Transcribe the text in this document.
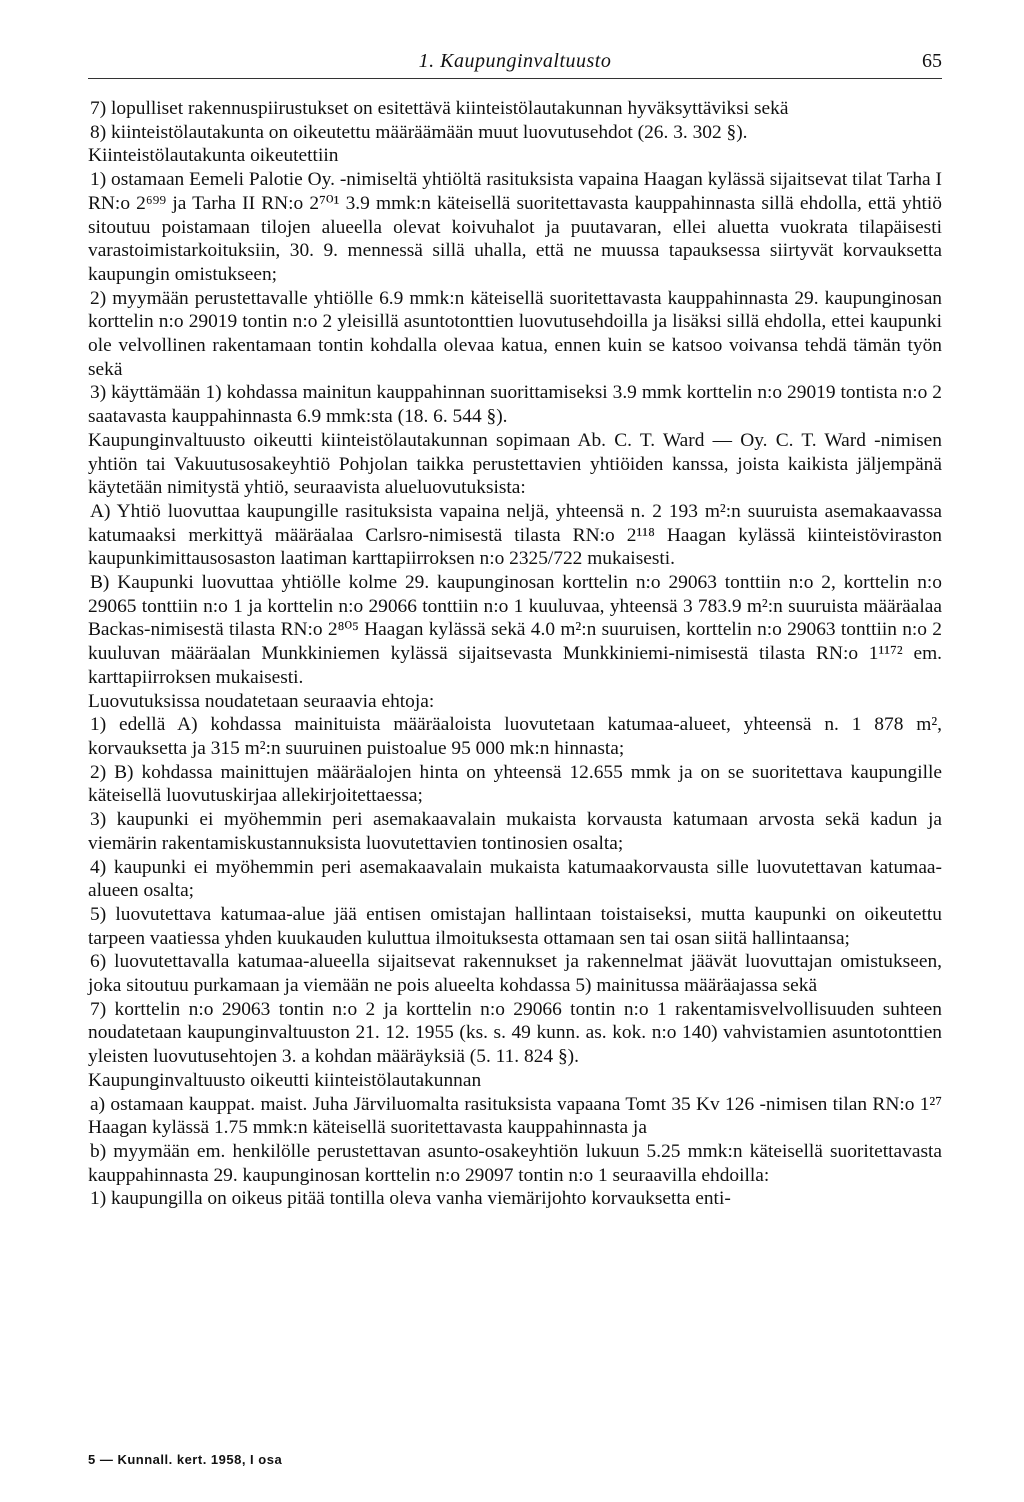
1. Kaupunginvaltuusto	65

7) lopulliset rakennuspiirustukset on esitettävä kiinteistölautakunnan hyväksyttäviksi sekä

8) kiinteistölautakunta on oikeutettu määräämään muut luovutusehdot (26. 3. 302 §).

Kiinteistölautakunta oikeutettiin

1) ostamaan Eemeli Palotie Oy. -nimiseltä yhtiöltä rasituksista vapaina Haagan kylässä sijaitsevat tilat Tarha I RN:o 2⁶⁹⁹ ja Tarha II RN:o 2⁷⁰¹ 3.9 mmk:n käteisellä suoritettavasta kauppahinnasta sillä ehdolla, että yhtiö sitoutuu poistamaan tilojen alueella olevat koivuhalot ja puutavaran, ellei aluetta vuokrata tilapäisesti varastoimistarkoituksiin, 30. 9. mennessä sillä uhalla, että ne muussa tapauksessa siirtyvät korvauksetta kaupungin omistukseen;

2) myymään perustettavalle yhtiölle 6.9 mmk:n käteisellä suoritettavasta kauppahinnasta 29. kaupunginosan korttelin n:o 29019 tontin n:o 2 yleisillä asuntotonttien luovutusehdoilla ja lisäksi sillä ehdolla, ettei kaupunki ole velvollinen rakentamaan tontin kohdalla olevaa katua, ennen kuin se katsoo voivansa tehdä tämän työn sekä

3) käyttämään 1) kohdassa mainitun kauppahinnan suorittamiseksi 3.9 mmk korttelin n:o 29019 tontista n:o 2 saatavasta kauppahinnasta 6.9 mmk:sta (18. 6. 544 §).

Kaupunginvaltuusto oikeutti kiinteistölautakunnan sopimaan Ab. C. T. Ward — Oy. C. T. Ward -nimisen yhtiön tai Vakuutusosakeyhtiö Pohjolan taikka perustettavien yhtiöiden kanssa, joista kaikista jäljempänä käytetään nimitystä yhtiö, seuraavista alueluovutuksista:

A) Yhtiö luovuttaa kaupungille rasituksista vapaina neljä, yhteensä n. 2 193 m²:n suuruista asemakaavassa katumaaksi merkittyä määräalaa Carlsro-nimisestä tilasta RN:o 2¹¹⁸ Haagan kylässä kiinteistöviraston kaupunkimittausosaston laatiman karttapiirroksen n:o 2325/722 mukaisesti.

B) Kaupunki luovuttaa yhtiölle kolme 29. kaupunginosan korttelin n:o 29063 tonttiin n:o 2, korttelin n:o 29065 tonttiin n:o 1 ja korttelin n:o 29066 tonttiin n:o 1 kuuluvaa, yhteensä 3 783.9 m²:n suuruista määräalaa Backas-nimisestä tilasta RN:o 2⁸⁰⁵ Haagan kylässä sekä 4.0 m²:n suuruisen, korttelin n:o 29063 tonttiin n:o 2 kuuluvan määräalan Munkkiniemen kylässä sijaitsevasta Munkkiniemi-nimisestä tilasta RN:o 1¹¹⁷² em. karttapiirroksen mukaisesti.

Luovutuksissa noudatetaan seuraavia ehtoja:

1) edellä A) kohdassa mainituista määräaloista luovutetaan katumaa-alueet, yhteensä n. 1 878 m², korvauksetta ja 315 m²:n suuruinen puistoalue 95 000 mk:n hinnasta;

2) B) kohdassa mainittujen määräalojen hinta on yhteensä 12.655 mmk ja on se suoritettava kaupungille käteisellä luovutuskirjaa allekirjoitettaessa;

3) kaupunki ei myöhemmin peri asemakaavalain mukaista korvausta katumaan arvosta sekä kadun ja viemärin rakentamiskustannuksista luovutettavien tontinosien osalta;

4) kaupunki ei myöhemmin peri asemakaavalain mukaista katumaakorvausta sille luovutettavan katumaa-alueen osalta;

5) luovutettava katumaa-alue jää entisen omistajan hallintaan toistaiseksi, mutta kaupunki on oikeutettu tarpeen vaatiessa yhden kuukauden kuluttua ilmoituksesta ottamaan sen tai osan siitä hallintaansa;

6) luovutettavalla katumaa-alueella sijaitsevat rakennukset ja rakennelmat jäävät luovuttajan omistukseen, joka sitoutuu purkamaan ja viemään ne pois alueelta kohdassa 5) mainitussa määräajassa sekä

7) korttelin n:o 29063 tontin n:o 2 ja korttelin n:o 29066 tontin n:o 1 rakentamisvelvollisuuden suhteen noudatetaan kaupunginvaltuuston 21. 12. 1955 (ks. s. 49 kunn. as. kok. n:o 140) vahvistamien asuntotonttien yleisten luovutusehtojen 3. a kohdan määräyksiä (5. 11. 824 §).

Kaupunginvaltuusto oikeutti kiinteistölautakunnan

a) ostamaan kauppat. maist. Juha Järviluomalta rasituksista vapaana Tomt 35 Kv 126 -nimisen tilan RN:o 1²⁷ Haagan kylässä 1.75 mmk:n käteisellä suoritettavasta kauppahinnasta ja

b) myymään em. henkilölle perustettavan asunto-osakeyhtiön lukuun 5.25 mmk:n käteisellä suoritettavasta kauppahinnasta 29. kaupunginosan korttelin n:o 29097 tontin n:o 1 seuraavilla ehdoilla:

1) kaupungilla on oikeus pitää tontilla oleva vanha viemärijohto korvauksetta enti-

5 — Kunnall. kert. 1958, I osa
